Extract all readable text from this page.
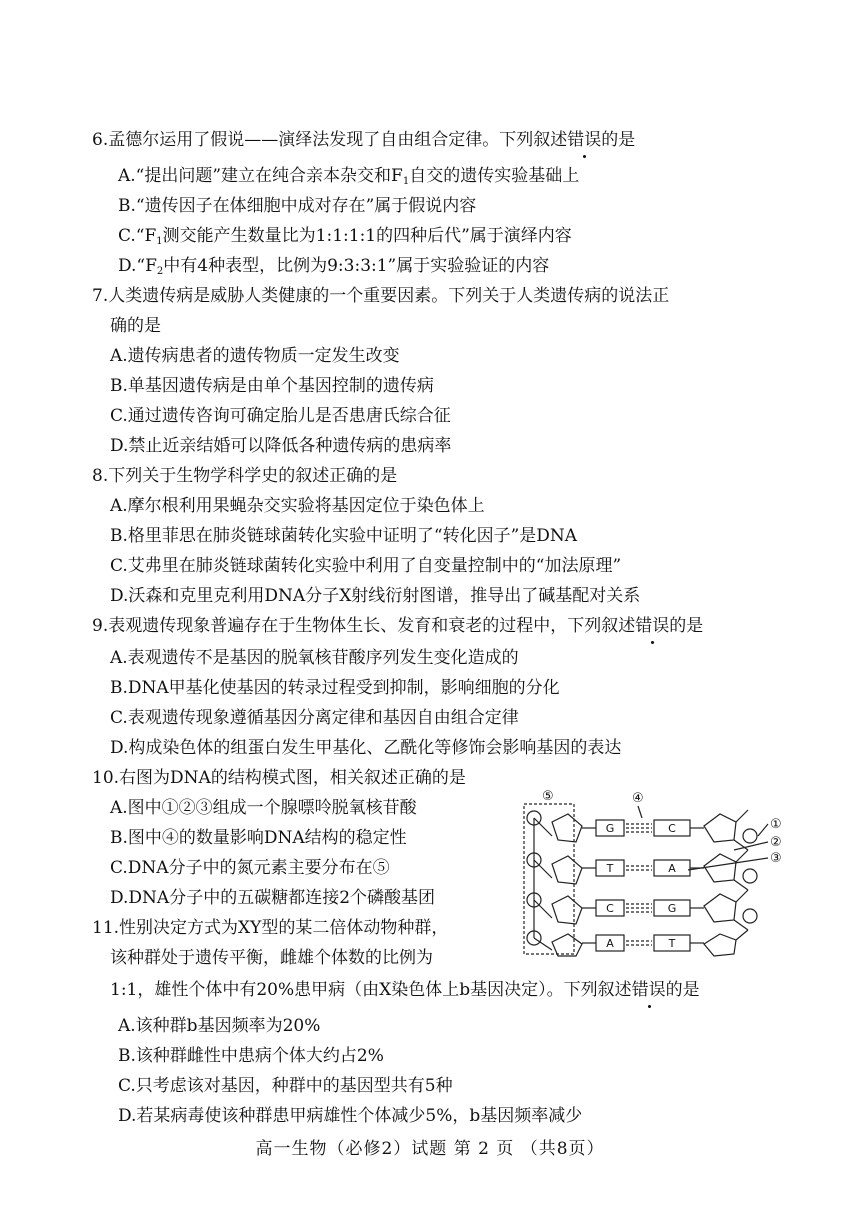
6.孟德尔运用了假说——演绎法发现了自由组合定律。下列叙述错误的是
A.“提出问题”建立在纯合亲本杂交和$F_1$自交的遗传实验基础上
B.“遗传因子在体细胞中成对存在”属于假说内容
$C.“F_1$测交能产生数量比为1:1:1:1的四种后代”属于演绎内容
$D.“F_2$中有4种表型，比例为9:3:3:1”属于实验验证的内容
7.人类遗传病是威胁人类健康的一个重要因素。下列关于人类遗传病的说法正
确的是
A.遗传病患者的遗传物质一定发生改变
B.单基因遗传病是由单个基因控制的遗传病
C.通过遗传咨询可确定胎儿是否患唐氏综合征
D.禁止近亲结婚可以降低各种遗传病的患病率
8.下列关于生物学科学史的叙述正确的是
A.摩尔根利用果蝇杂交实验将基因定位于染色体上
B.格里菲思在肺炎链球菌转化实验中证明了“转化因子”是DNA
C.艾弗里在肺炎链球菌转化实验中利用了自变量控制中的“加法原理”
D.沃森和克里克利用DNA分子X射线衍射图谱，推导出了碱基配对关系
9.表观遗传现象普遍存在于生物体生长、发育和衰老的过程中，下列叙述错误的是
A.表观遗传不是基因的脱氧核苷酸序列发生变化造成的
B.DNA甲基化使基因的转录过程受到抑制，影响细胞的分化
C.表观遗传现象遵循基因分离定律和基因自由组合定律
D.构成染色体的组蛋白发生甲基化、乙酰化等修饰会影响基因的表达
10.右图为DNA的结构模式图，相关叙述正确的是
A.图中①②③组成一个腺嘌呤脱氧核苷酸
B.图中④的数量影响DNA结构的稳定性
C.DNA分子中的氮元素主要分布在⑤
D.DNA分子中的五碳糖都连接2个磷酸基团
11.性别决定方式为XY型的某二倍体动物种群，
该种群处于遗传平衡，雌雄个体数的比例为
1:1，雄性个体中有20%患甲病（由X染色体上b基因决定）。下列叙述错误的是
A.该种群b基因频率为20%
B.该种群雌性中患病个体大约占2%
C.只考虑该对基因，种群中的基因型共有5种
D.若某病毒使该种群患甲病雄性个体减少5%，b基因频率减少
G
T
C
A
C
A
G
T
⑤	④
①
②
③
高一生物（必修2）试题 第 2 页 （共8页）
